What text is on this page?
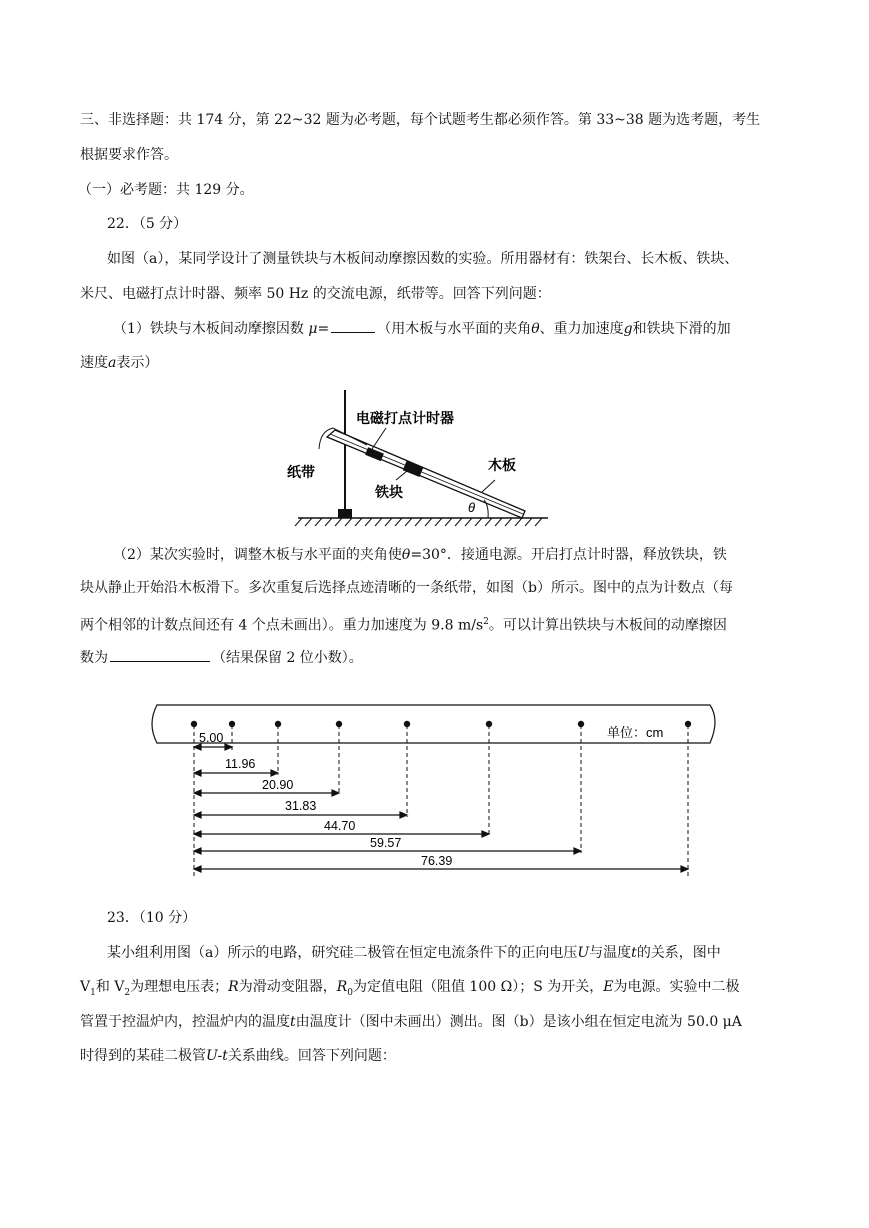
三、非选择题：共 174 分，第 22~32 题为必考题，每个试题考生都必须作答。第 33~38 题为选考题，考生
根据要求作答。
（一）必考题：共 129 分。
22．（5 分）
如图（a），某同学设计了测量铁块与木板间动摩擦因数的实验。所用器材有：铁架台、长木板、铁块、
米尺、电磁打点计时器、频率 50 Hz 的交流电源，纸带等。回答下列问题：
（1）铁块与木板间动摩擦因数 μ=	（用木板与水平面的夹角θ、重力加速度g和铁块下滑的加
速度a表示）
电磁打点计时器
纸带	木板
铁块
θ
（2）某次实验时，调整木板与水平面的夹角使θ=30°．接通电源。开启打点计时器，释放铁块，铁
块从静止开始沿木板滑下。多次重复后选择点迹清晰的一条纸带，如图（b）所示。图中的点为计数点（每
两个相邻的计数点间还有 4 个点未画出）。重力加速度为 9.8 $m/s^2$。可以计算出铁块与木板间的动摩擦因
数为	（结果保留 2 位小数）。
单位：cm
5.00
11.96
20.90
31.83
44.70
59.57
76.39
23．（10 分）
某小组利用图（a）所示的电路，研究硅二极管在恒定电流条件下的正向电压U与温度t的关系，图中
$V_1$和 $V_2$为理想电压表；R为滑动变阻器，$R_0$为定值电阻（阻值 100 Ω）；S 为开关，E为电源。实验中二极
管置于控温炉内，控温炉内的温度t由温度计（图中未画出）测出。图（b）是该小组在恒定电流为 50.0 μA
时得到的某硅二极管U-t关系曲线。回答下列问题：
